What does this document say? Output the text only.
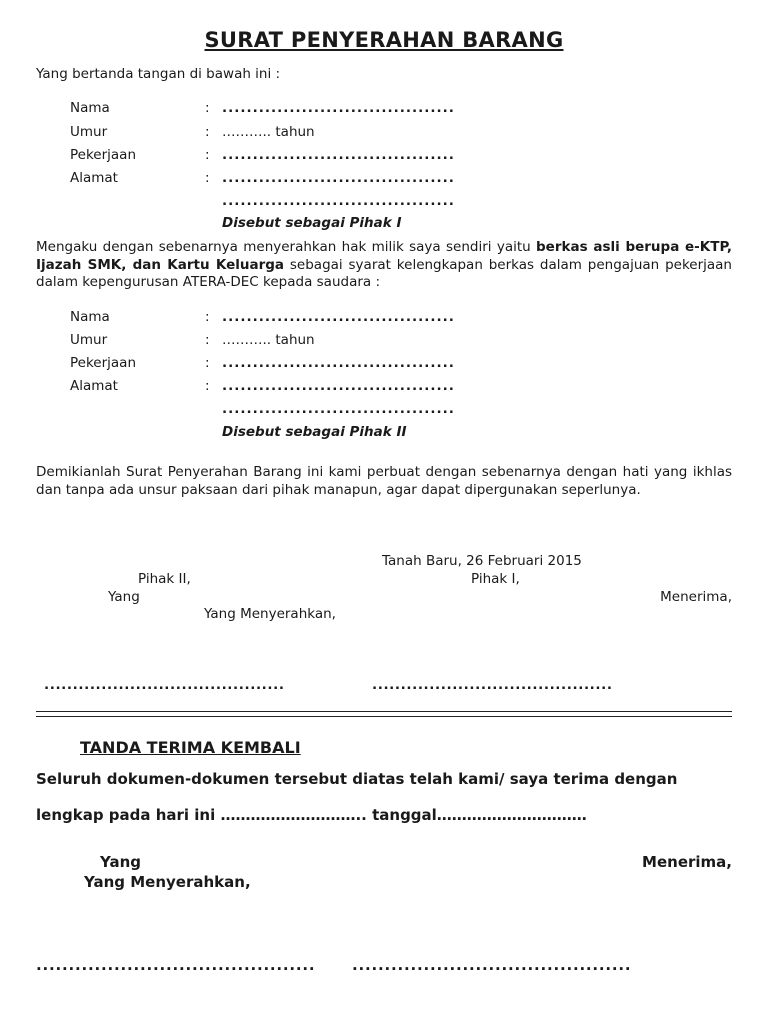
SURAT PENYERAHAN BARANG
Yang bertanda tangan di bawah ini :
Nama	: ......................................
Umur	: ……….. tahun
Pekerjaan	: ......................................
Alamat	: ......................................
......................................
Disebut sebagai Pihak I
Mengaku dengan sebenarnya menyerahkan hak milik saya sendiri yaitu berkas asli berupa e-KTP, Ijazah SMK, dan Kartu Keluarga sebagai syarat kelengkapan berkas dalam pengajuan pekerjaan dalam kepengurusan ATERA-DEC kepada saudara :
Nama	: ......................................
Umur	: ……….. tahun
Pekerjaan	: ......................................
Alamat	: ......................................
......................................
Disebut sebagai Pihak II
Demikianlah Surat Penyerahan Barang ini kami perbuat dengan sebenarnya dengan hati yang ikhlas dan tanpa ada unsur paksaan dari pihak manapun, agar dapat dipergunakan seperlunya.
Tanah Baru, 26 Februari 2015
Pihak II,	Pihak I,
Yang	Menerima,
Yang Menyerahkan,
..........................................	..........................................
TANDA TERIMA KEMBALI
Seluruh dokumen-dokumen tersebut diatas telah kami/ saya terima dengan
lengkap pada hari ini ……………………….. tanggal…………………………
Yang	Menerima,
Yang Menyerahkan,
........................................... ...........................................
